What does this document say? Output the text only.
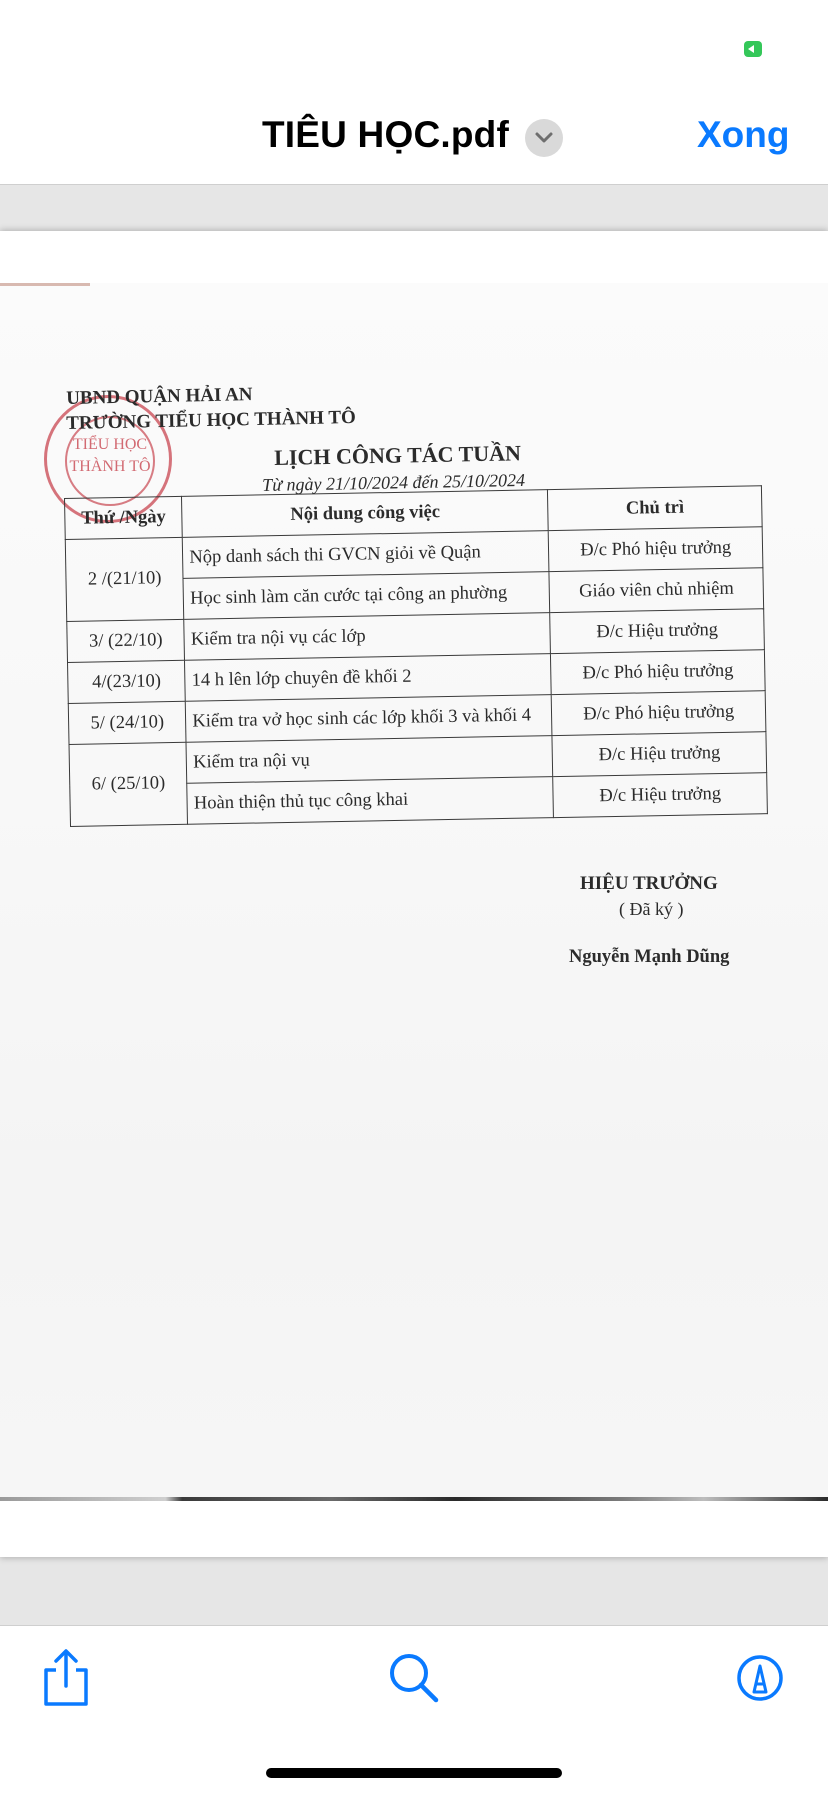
TIÊU HỌC.pdf	Xong
TIỂU HỌC
THÀNH TÔ
UBND QUẬN HẢI AN
TRƯỜNG TIỂU HỌC THÀNH TÔ
LỊCH CÔNG TÁC TUẦN
Từ ngày 21/10/2024 đến 25/10/2024
Thứ /Ngày	Nội dung công việc	Chủ trì
2 /(21/10)	Nộp danh sách thi GVCN giỏi về Quận	Đ/c Phó hiệu trưởng
	Học sinh làm căn cước tại công an phường	Giáo viên chủ nhiệm
3/ (22/10)	Kiểm tra nội vụ các lớp	Đ/c Hiệu trưởng
4/(23/10)	14 h lên lớp chuyên đề khối 2	Đ/c Phó hiệu trưởng
5/ (24/10)	Kiểm tra vở học sinh các lớp khối 3 và khối 4	Đ/c Phó hiệu trưởng
6/ (25/10)	Kiểm tra nội vụ	Đ/c Hiệu trưởng
	Hoàn thiện thủ tục công khai	Đ/c Hiệu trưởng
HIỆU TRƯỞNG
( Đã ký )
Nguyễn Mạnh Dũng
